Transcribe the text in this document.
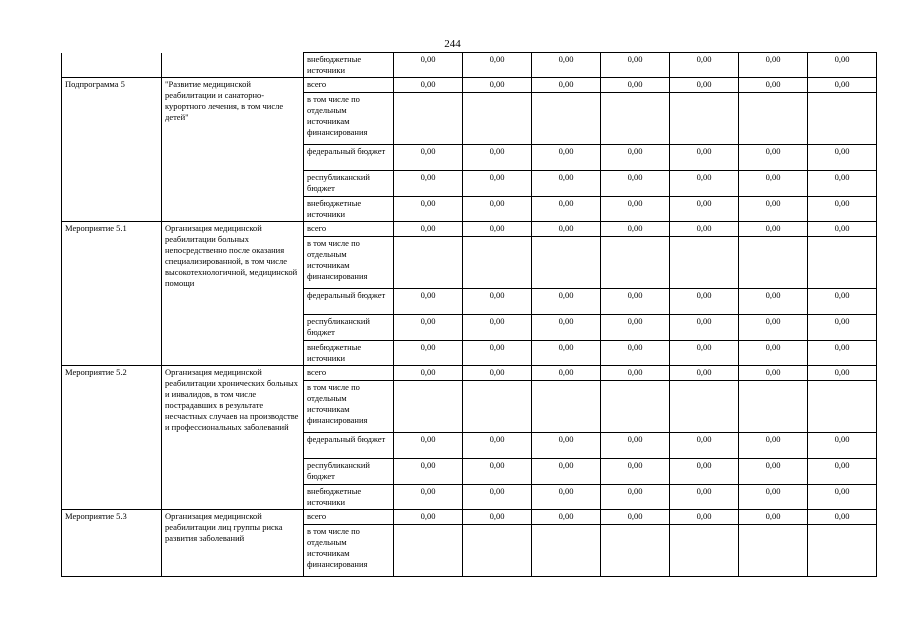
244
		внебюджетные источники	0,00	0,00	0,00	0,00	0,00	0,00	0,00
Подпрограмма 5	"Развитие медицинской реабилитации и санаторно-курортного лечения, в том числе детей"	всего	0,00	0,00	0,00	0,00	0,00	0,00	0,00
		в том числе по отдельным источникам финансирования							
		федеральный бюджет	0,00	0,00	0,00	0,00	0,00	0,00	0,00
		республиканский бюджет	0,00	0,00	0,00	0,00	0,00	0,00	0,00
		внебюджетные источники	0,00	0,00	0,00	0,00	0,00	0,00	0,00
Мероприятие 5.1	Организация медицинской реабилитации больных непосредственно после оказания специализированной, в том числе высокотехнологичной, медицинской помощи	всего	0,00	0,00	0,00	0,00	0,00	0,00	0,00
		в том числе по отдельным источникам финансирования							
		федеральный бюджет	0,00	0,00	0,00	0,00	0,00	0,00	0,00
		республиканский бюджет	0,00	0,00	0,00	0,00	0,00	0,00	0,00
		внебюджетные источники	0,00	0,00	0,00	0,00	0,00	0,00	0,00
Мероприятие 5.2	Организация медицинской реабилитации хронических больных и инвалидов, в том числе пострадавших в результате несчастных случаев на производстве и профессиональных заболеваний	всего	0,00	0,00	0,00	0,00	0,00	0,00	0,00
		в том числе по отдельным источникам финансирования							
		федеральный бюджет	0,00	0,00	0,00	0,00	0,00	0,00	0,00
		республиканский бюджет	0,00	0,00	0,00	0,00	0,00	0,00	0,00
		внебюджетные источники	0,00	0,00	0,00	0,00	0,00	0,00	0,00
Мероприятие 5.3	Организация медицинской реабилитации лиц группы риска развития заболеваний	всего	0,00	0,00	0,00	0,00	0,00	0,00	0,00
		в том числе по отдельным источникам финансирования							
